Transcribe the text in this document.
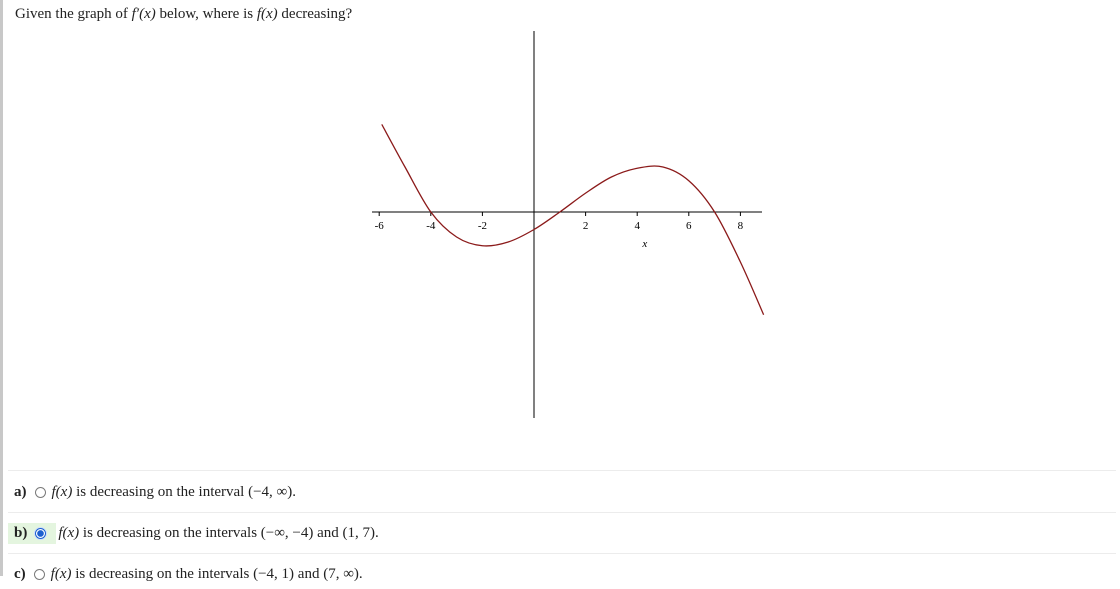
Given the graph of f′(x) below, where is f(x) decreasing?
-6	-4	-2	2	4	6	8
x
a) f(x)
is decreasing on the interval (−4, ∞).
b) f(x)
is decreasing on the intervals (−∞, −4) and (1, 7).
c) f(x)
is decreasing on the intervals (−4, 1) and (7, ∞).
